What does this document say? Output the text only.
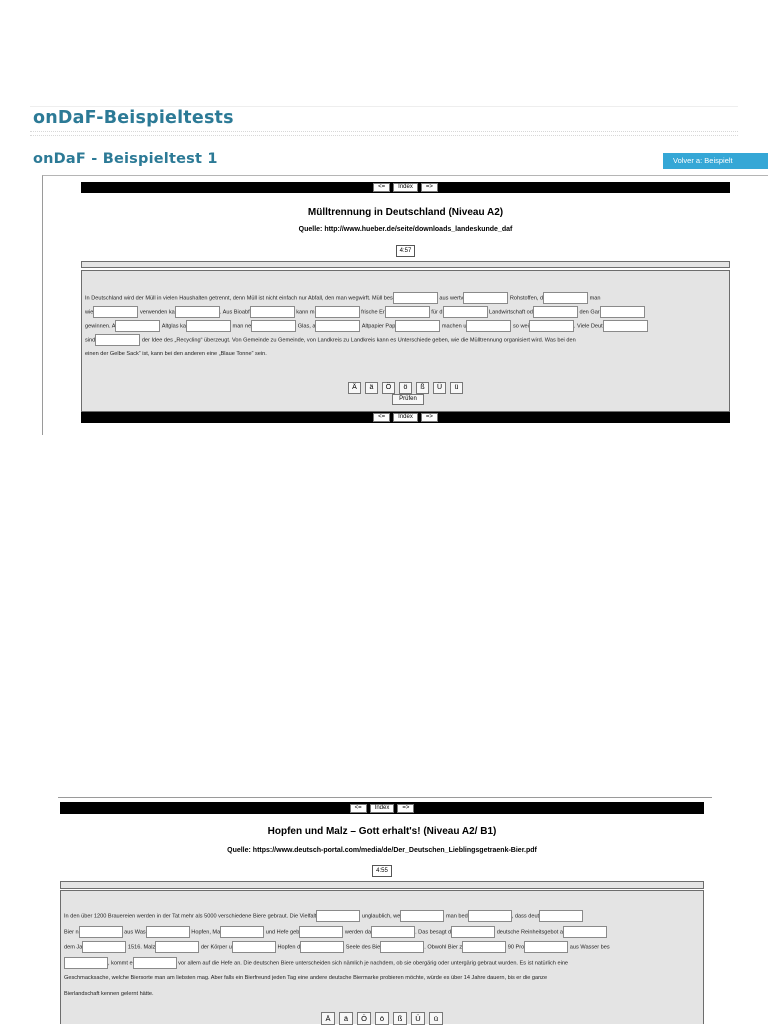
onDaF-Beispieltests
onDaF - Beispieltest 1	Volver a: Beispielt
<=	Index	=>
Mülltrennung in Deutschland (Niveau A2)
Quelle: http://www.hueber.de/seite/downloads_landeskunde_daf
4:57
In Deutschland wird der Müll in vielen Haushalten getrennt, denn Müll ist nicht einfach nur Abfall, den man wegwirft. Müll bes	aus wertv	Rohstoffen, d	man
wie	verwenden ka	. Aus Bioabf	kann m	frische Er	für d	Landwirtschaft od	den Gar
gewinnen. A	Altglas ka	man ne	Glas, a	Altpapier Pap	machen u	so wei	. Viele Deut
sind	der Idee des „Recycling“ überzeugt. Von Gemeinde zu Gemeinde, von Landkreis zu Landkreis kann es Unterschiede geben, wie die Mülltrennung organisiert wird. Was bei den
einen der Gelbe Sack“ ist, kann bei den anderen eine „Blaue Tonne“ sein.
Ä ä Ö ö ß Ü ü
Prüfen
<=	Index	=>
<=	Index	=>
Hopfen und Malz – Gott erhalt's! (Niveau A2/ B1)
Quelle: https://www.deutsch-portal.com/media/de/Der_Deutschen_Lieblingsgetraenk-Bier.pdf
4:55
In den über 1200 Brauereien werden in der Tat mehr als 5000 verschiedene Biere gebraut. Die Vielfalt	unglaublich, we	man bed	, dass deut
Bier n	aus Was	Hopfen, Ma	und Hefe geb	werden da	. Das besagt d	deutsche Reinheitsgebot a
dem Ja	1516. Malz	der Körper u	Hopfen d	Seele des Bie	. Obwohl Bier z	90 Pro	aus Wasser bes
, kommt e	vor allem auf die Hefe an. Die deutschen Biere unterscheiden sich nämlich je nachdem, ob sie obergärig oder untergärig gebraut wurden. Es ist natürlich eine
Geschmacksache, welche Biersorte man am liebsten mag. Aber falls ein Bierfreund jeden Tag eine andere deutsche Biermarke probieren möchte, würde es über 14 Jahre dauern, bis er die ganze
Bierlandschaft kennen gelernt hätte.
Ä ä Ö ö ß Ü ü
